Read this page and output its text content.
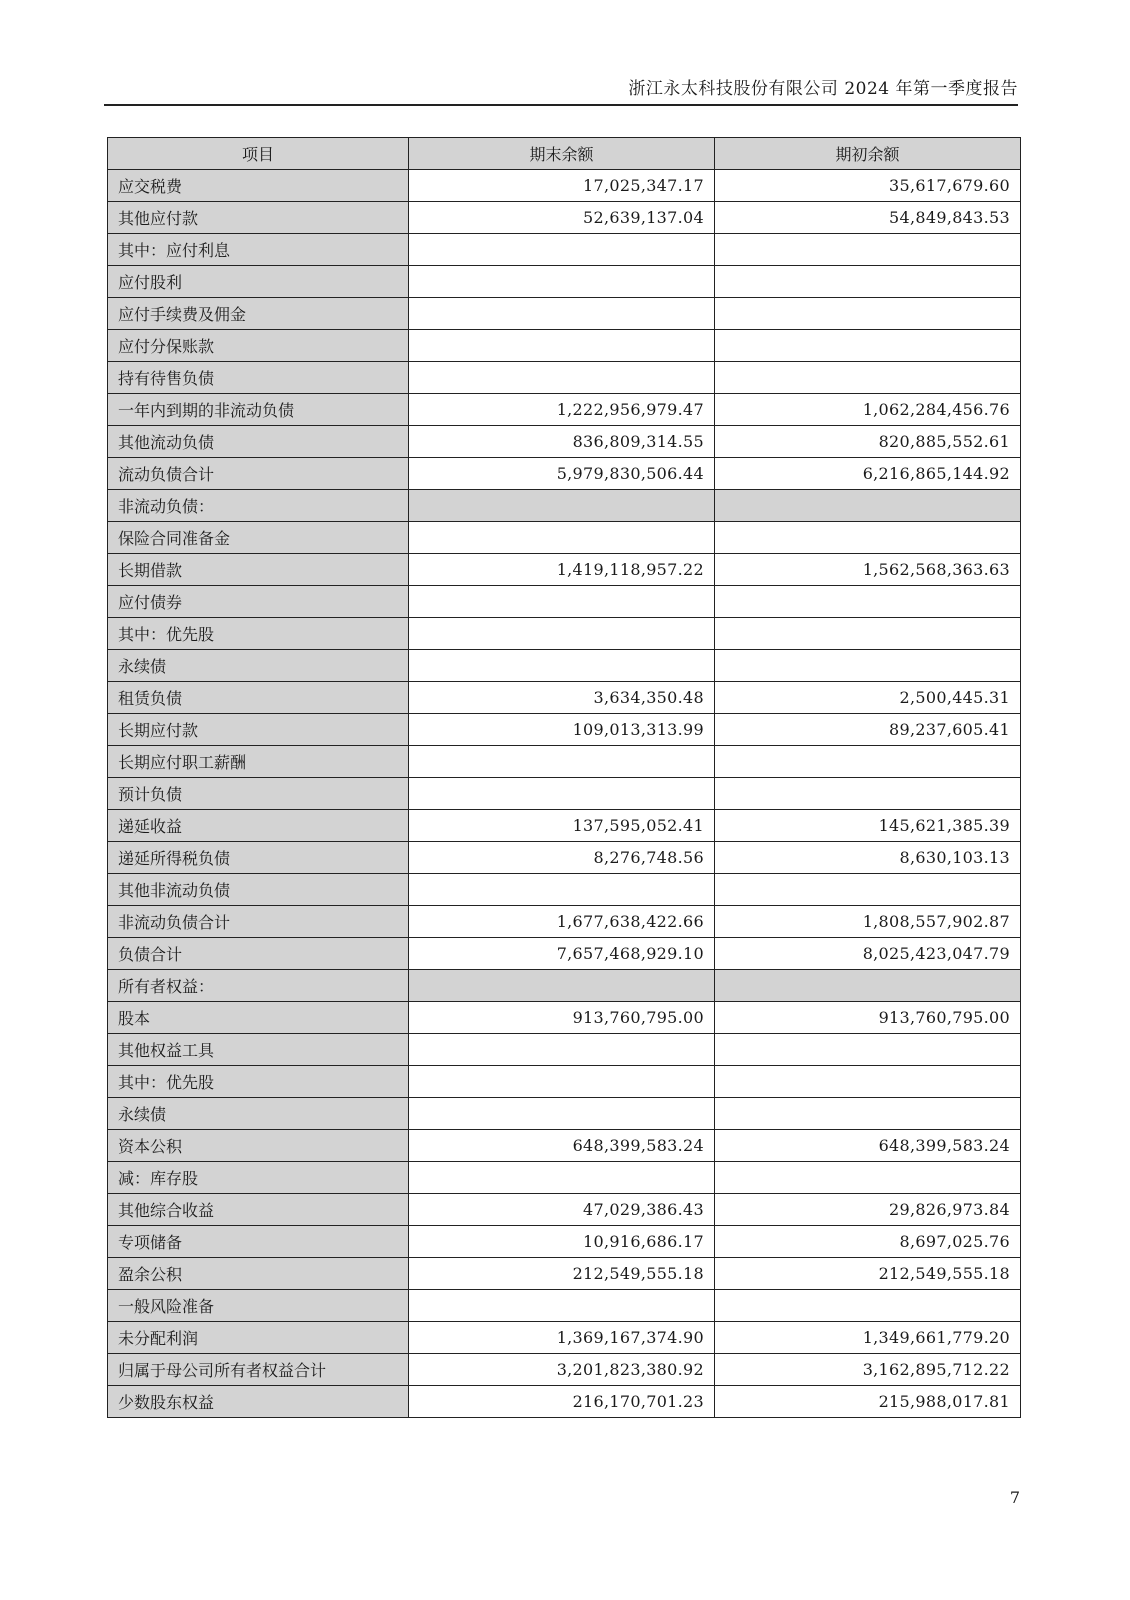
浙江永太科技股份有限公司 2024 年第一季度报告
项目	期末余额	期初余额
应交税费	17,025,347.17	35,617,679.60
其他应付款	52,639,137.04	54,849,843.53
其中：应付利息		
应付股利		
应付手续费及佣金		
应付分保账款		
持有待售负债		
一年内到期的非流动负债	1,222,956,979.47	1,062,284,456.76
其他流动负债	836,809,314.55	820,885,552.61
流动负债合计	5,979,830,506.44	6,216,865,144.92
非流动负债：		
保险合同准备金		
长期借款	1,419,118,957.22	1,562,568,363.63
应付债券		
其中：优先股		
永续债		
租赁负债	3,634,350.48	2,500,445.31
长期应付款	109,013,313.99	89,237,605.41
长期应付职工薪酬		
预计负债		
递延收益	137,595,052.41	145,621,385.39
递延所得税负债	8,276,748.56	8,630,103.13
其他非流动负债		
非流动负债合计	1,677,638,422.66	1,808,557,902.87
负债合计	7,657,468,929.10	8,025,423,047.79
所有者权益：		
股本	913,760,795.00	913,760,795.00
其他权益工具		
其中：优先股		
永续债		
资本公积	648,399,583.24	648,399,583.24
减：库存股		
其他综合收益	47,029,386.43	29,826,973.84
专项储备	10,916,686.17	8,697,025.76
盈余公积	212,549,555.18	212,549,555.18
一般风险准备		
未分配利润	1,369,167,374.90	1,349,661,779.20
归属于母公司所有者权益合计	3,201,823,380.92	3,162,895,712.22
少数股东权益	216,170,701.23	215,988,017.81
7
